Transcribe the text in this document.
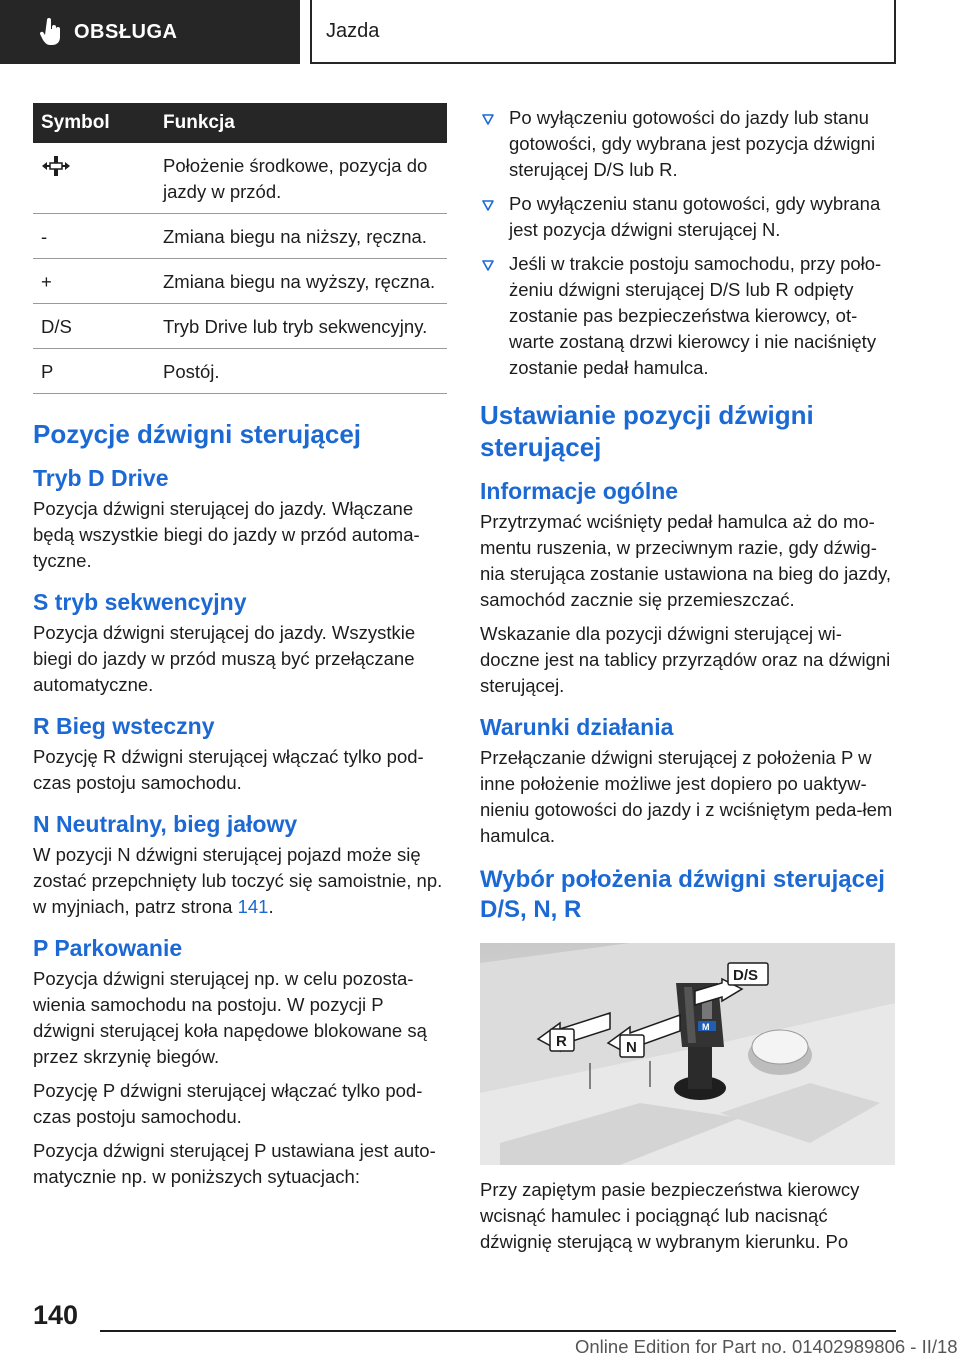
OBSŁUGA	Jazda
Symbol	Funkcja
	Położenie środkowe, pozycja do jazdy w przód.
-	Zmiana biegu na niższy, ręczna.
+	Zmiana biegu na wyższy, ręczna.
D/S	Tryb Drive lub tryb sekwencyjny.
P	Postój.
Pozycje dźwigni sterującej
Tryb D Drive

Pozycja dźwigni sterującej do jazdy. Włączane będą wszystkie biegi do jazdy w przód automa-tyczne.

S tryb sekwencyjny

Pozycja dźwigni sterującej do jazdy. Wszystkie biegi do jazdy w przód muszą być przełączane automatyczne.

R Bieg wsteczny

Pozycję R dźwigni sterującej włączać tylko pod-czas postoju samochodu.

N Neutralny, bieg jałowy

W pozycji N dźwigni sterującej pojazd może się zostać przepchnięty lub toczyć się samoistnie, np. w myjniach, patrz strona 141.

P Parkowanie

Pozycja dźwigni sterującej np. w celu pozosta-wienia samochodu na postoju. W pozycji P dźwigni sterującej koła napędowe blokowane są przez skrzynię biegów.

Pozycję P dźwigni sterującej włączać tylko pod-czas postoju samochodu.

Pozycja dźwigni sterującej P ustawiana jest auto-matycznie np. w poniższych sytuacjach:

Po wyłączeniu gotowości do jazdy lub stanu gotowości, gdy wybrana jest pozycja dźwigni sterującej D/S lub R.
Po wyłączeniu stanu gotowości, gdy wybrana jest pozycja dźwigni sterującej N.
Jeśli w trakcie postoju samochodu, przy poło-żeniu dźwigni sterującej D/S lub R odpięty zostanie pas bezpieczeństwa kierowcy, ot-warte zostaną drzwi kierowcy i nie naciśnięty zostanie pedał hamulca.
Ustawianie pozycji dźwigni sterującej
Informacje ogólne

Przytrzymać wciśnięty pedał hamulca aż do mo-mentu ruszenia, w przeciwnym razie, gdy dźwig-nia sterująca zostanie ustawiona na bieg do jazdy, samochód zacznie się przemieszczać.

Wskazanie dla pozycji dźwigni sterującej wi-doczne jest na tablicy przyrządów oraz na dźwigni sterującej.

Warunki działania

Przełączanie dźwigni sterującej z położenia P w inne położenie możliwe jest dopiero po uaktyw-nieniu gotowości do jazdy i z wciśniętym peda-łem hamulca.

Wybór położenia dźwigni sterującej D/S, N, R
M
D/S
N
R

Przy zapiętym pasie bezpieczeństwa kierowcy wcisnąć hamulec i pociągnąć lub nacisnąć dźwignię sterującą w wybranym kierunku. Po

140
Online Edition for Part no. 01402989806 - II/18
